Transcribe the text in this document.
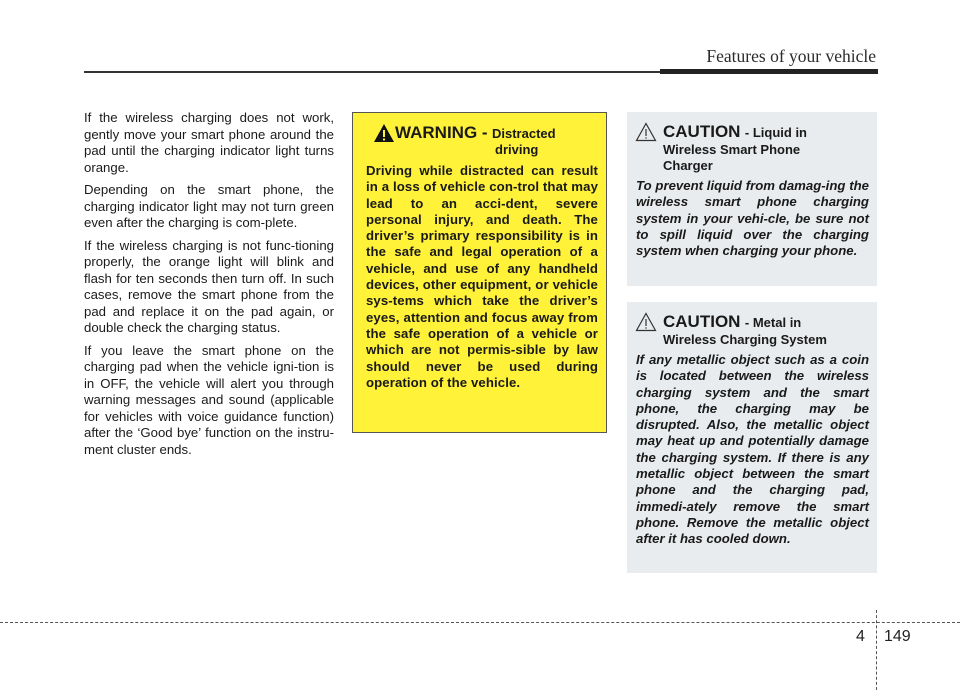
Features of your vehicle

If the wireless charging does not work, gently move your smart phone around the pad until the charging indicator light turns orange.

Depending on the smart phone, the charging indicator light may not turn green even after the charging is com-plete.

If the wireless charging is not func-tioning properly, the orange light will blink and flash for ten seconds then turn off. In such cases, remove the smart phone from the pad and replace it on the pad again, or double check the charging status.

If you leave the smart phone on the charging pad when the vehicle igni-tion is in OFF, the vehicle will alert you through warning messages and sound (applicable for vehicles with voice guidance function) after the ‘Good bye’ function on the instru-ment cluster ends.

WARNING - Distracted
driving
Driving while distracted can result in a loss of vehicle con-trol that may lead to an acci-dent, severe personal injury, and death. The driver’s primary responsibility is in the safe and legal operation of a vehicle, and use of any handheld devices, other equipment, or vehicle sys-tems which take the driver’s eyes, attention and focus away from the safe operation of a vehicle or which are not permis-sible by law should never be used during operation of the vehicle.
CAUTION - Liquid in
Wireless Smart Phone
Charger
To prevent liquid from damag-ing the wireless smart phone charging system in your vehi-cle, be sure not to spill liquid over the charging system when charging your phone.
CAUTION - Metal in
Wireless Charging System
If any metallic object such as a coin is located between the wireless charging system and the smart phone, the charging may be disrupted. Also, the metallic object may heat up and potentially damage the charging system. If there is any metallic object between the smart phone and the charging pad, immedi-ately remove the smart phone. Remove the metallic object after it has cooled down.
4 149
